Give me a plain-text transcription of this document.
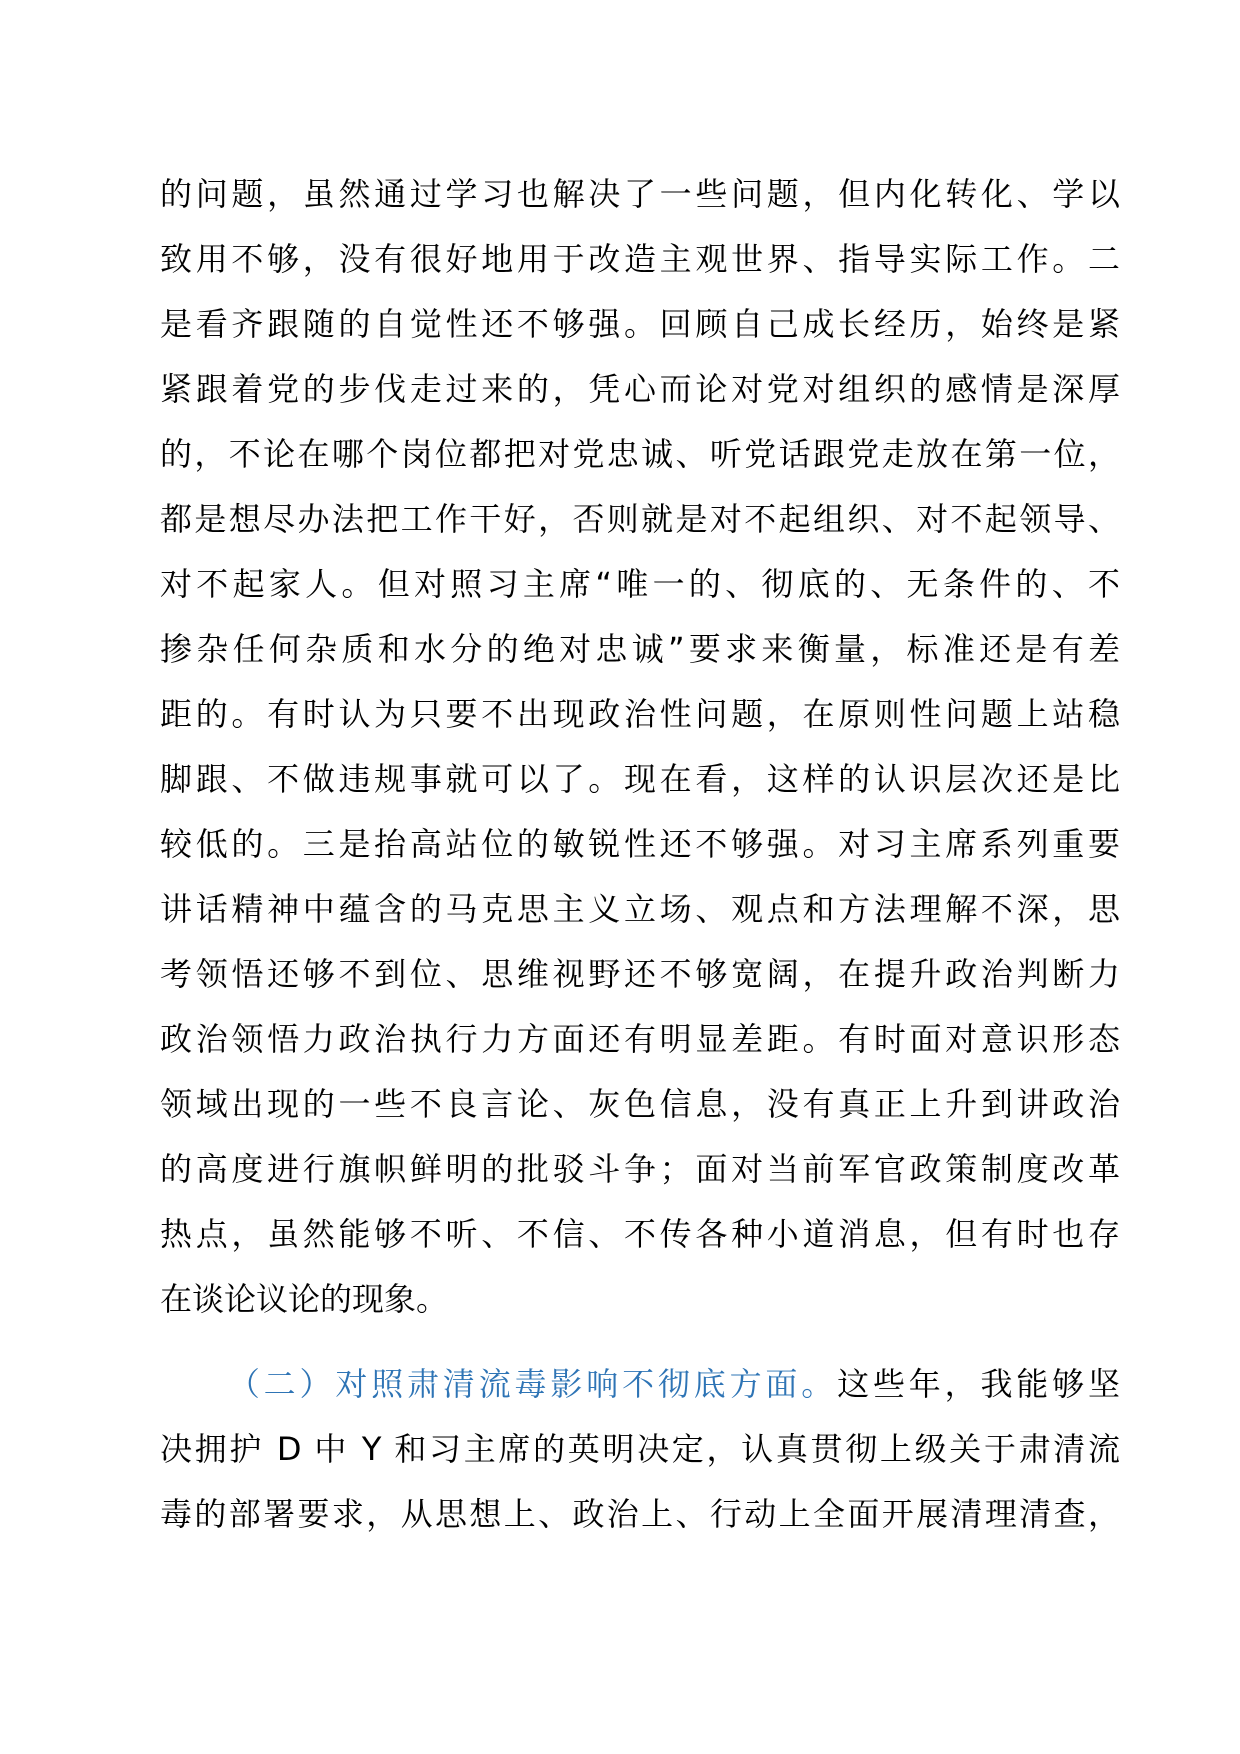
的问题，虽然通过学习也解决了一些问题，但内化转化、学以
致用不够，没有很好地用于改造主观世界、指导实际工作。二
是看齐跟随的自觉性还不够强。回顾自己成长经历，始终是紧
紧跟着党的步伐走过来的，凭心而论对党对组织的感情是深厚
的，不论在哪个岗位都把对党忠诚、听党话跟党走放在第一位，
都是想尽办法把工作干好，否则就是对不起组织、对不起领导、
对不起家人。但对照习主席“唯一的、彻底的、无条件的、不
掺杂任何杂质和水分的绝对忠诚”要求来衡量，标准还是有差
距的。有时认为只要不出现政治性问题，在原则性问题上站稳
脚跟、不做违规事就可以了。现在看，这样的认识层次还是比
较低的。三是抬高站位的敏锐性还不够强。对习主席系列重要
讲话精神中蕴含的马克思主义立场、观点和方法理解不深，思
考领悟还够不到位、思维视野还不够宽阔，在提升政治判断力
政治领悟力政治执行力方面还有明显差距。有时面对意识形态
领域出现的一些不良言论、灰色信息，没有真正上升到讲政治
的高度进行旗帜鲜明的批驳斗争；面对当前军官政策制度改革
热点，虽然能够不听、不信、不传各种小道消息，但有时也存
在谈论议论的现象。
（二）对照肃清流毒影响不彻底方面。这些年，我能够坚
决拥护 D 中 Y 和习主席的英明决定，认真贯彻上级关于肃清流
毒的部署要求，从思想上、政治上、行动上全面开展清理清查，
